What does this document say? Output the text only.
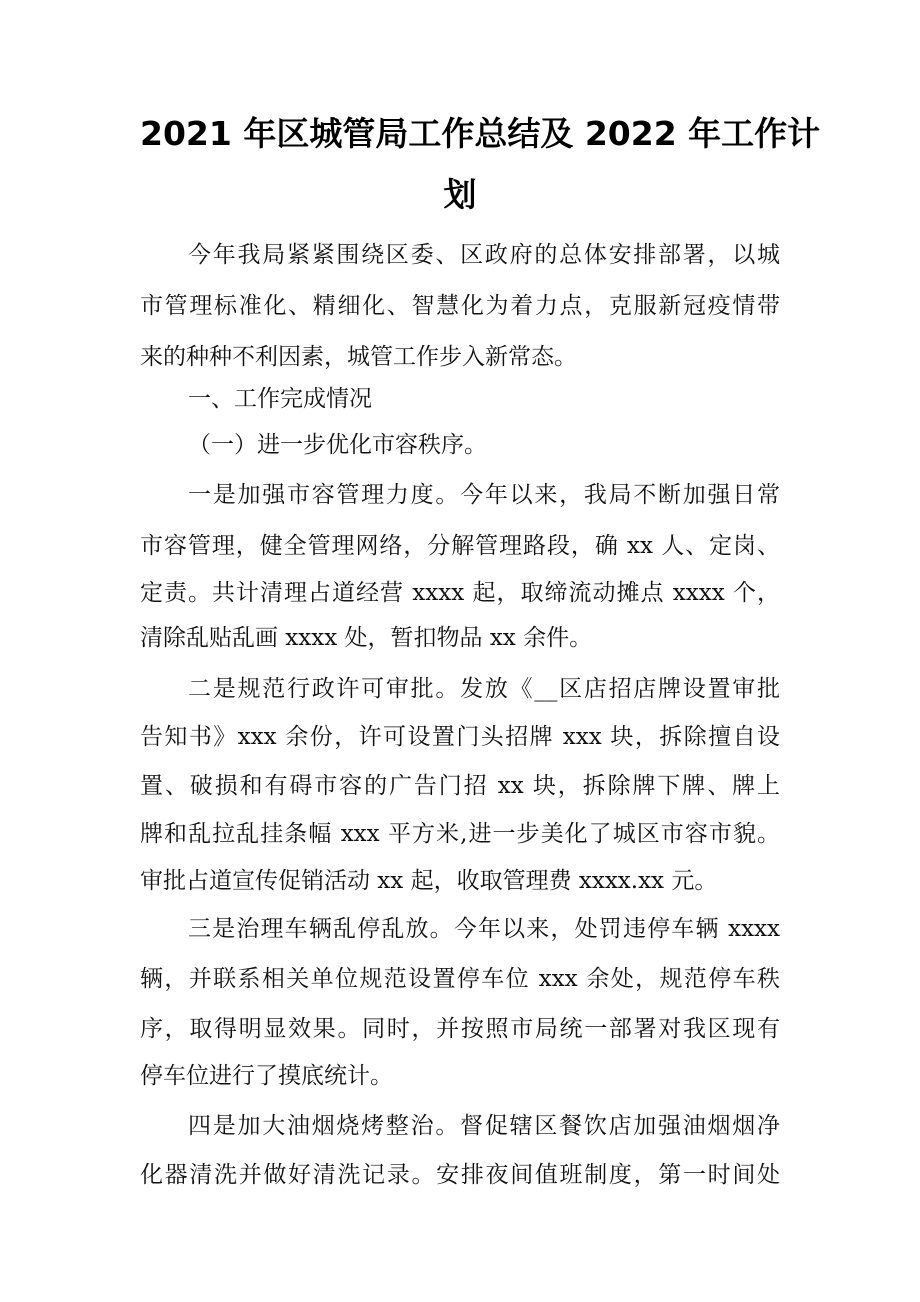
2021 年区城管局工作总结及 2022 年工作计
划

今年我局紧紧围绕区委、区政府的总体安排部署，以城

市管理标准化、精细化、智慧化为着力点，克服新冠疫情带

来的种种不利因素，城管工作步入新常态。

一、工作完成情况

（一）进一步优化市容秩序。

一是加强市容管理力度。今年以来，我局不断加强日常

市容管理，健全管理网络，分解管理路段，确 xx 人、定岗、

定责。共计清理占道经营 xxxx 起，取缔流动摊点 xxxx 个，

清除乱贴乱画 xxxx 处，暂扣物品 xx 余件。

二是规范行政许可审批。发放《__区店招店牌设置审批

告知书》xxx 余份，许可设置门头招牌 xxx 块，拆除擅自设

置、破损和有碍市容的广告门招 xx 块，拆除牌下牌、牌上

牌和乱拉乱挂条幅 xxx 平方米,进一步美化了城区市容市貌。

审批占道宣传促销活动 xx 起，收取管理费 xxxx.xx 元。

三是治理车辆乱停乱放。今年以来，处罚违停车辆 xxxx

辆，并联系相关单位规范设置停车位 xxx 余处，规范停车秩

序，取得明显效果。同时，并按照市局统一部署对我区现有

停车位进行了摸底统计。

四是加大油烟烧烤整治。督促辖区餐饮店加强油烟烟净

化器清洗并做好清洗记录。安排夜间值班制度，第一时间处
